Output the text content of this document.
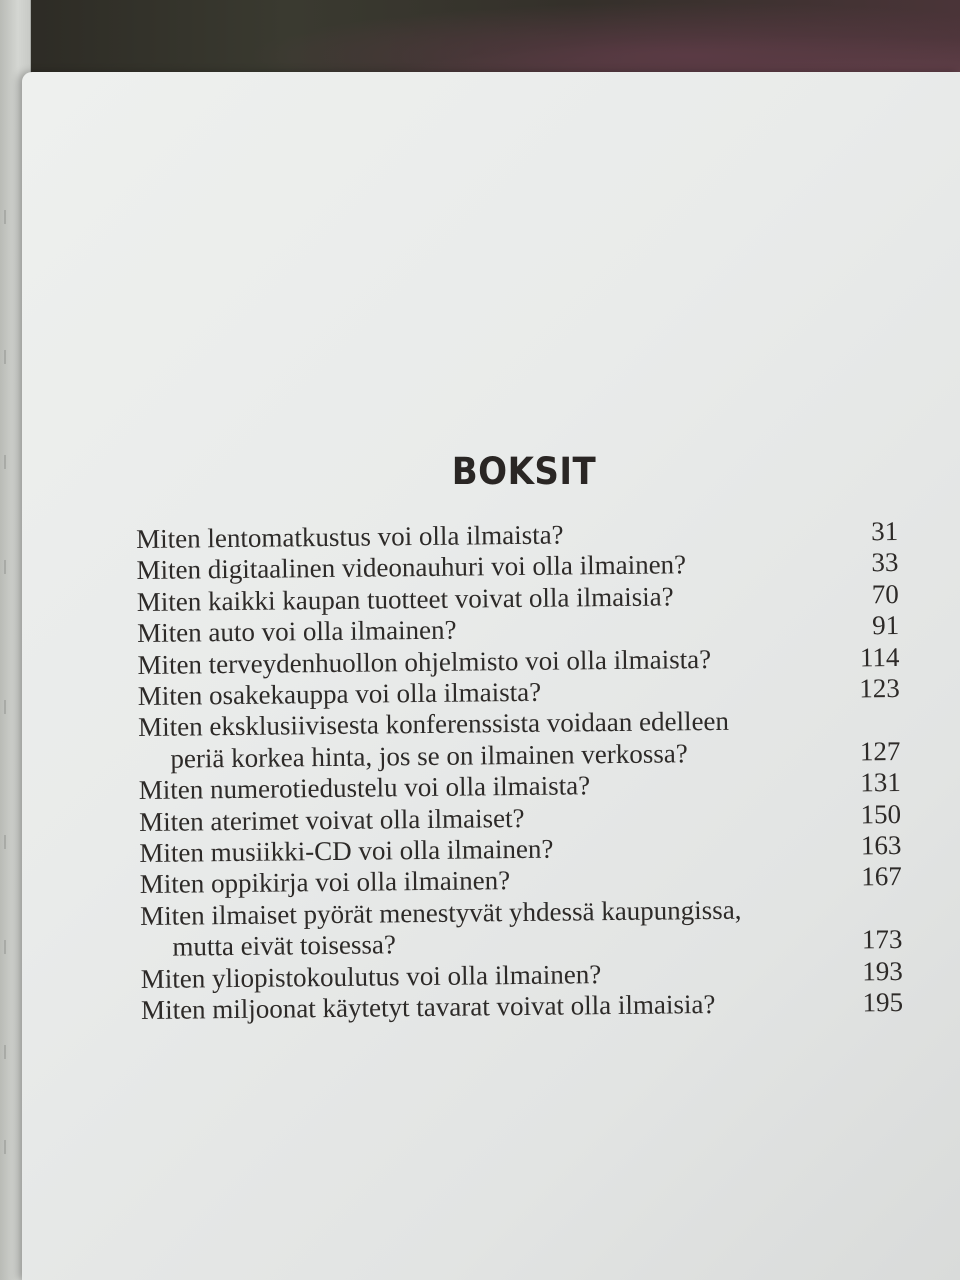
BOKSIT
Miten lentomatkustus voi olla ilmaista?	31
Miten digitaalinen videonauhuri voi olla ilmainen?	33
Miten kaikki kaupan tuotteet voivat olla ilmaisia?	70
Miten auto voi olla ilmainen?	91
Miten terveydenhuollon ohjelmisto voi olla ilmaista?	114
Miten osakekauppa voi olla ilmaista?	123
Miten eksklusiivisesta konferenssista voidaan edelleen
periä korkea hinta, jos se on ilmainen verkossa?	127
Miten numerotiedustelu voi olla ilmaista?	131
Miten aterimet voivat olla ilmaiset?	150
Miten musiikki-CD voi olla ilmainen?	163
Miten oppikirja voi olla ilmainen?	167
Miten ilmaiset pyörät menestyvät yhdessä kaupungissa,
mutta eivät toisessa?	173
Miten yliopistokoulutus voi olla ilmainen?	193
Miten miljoonat käytetyt tavarat voivat olla ilmaisia?	195
